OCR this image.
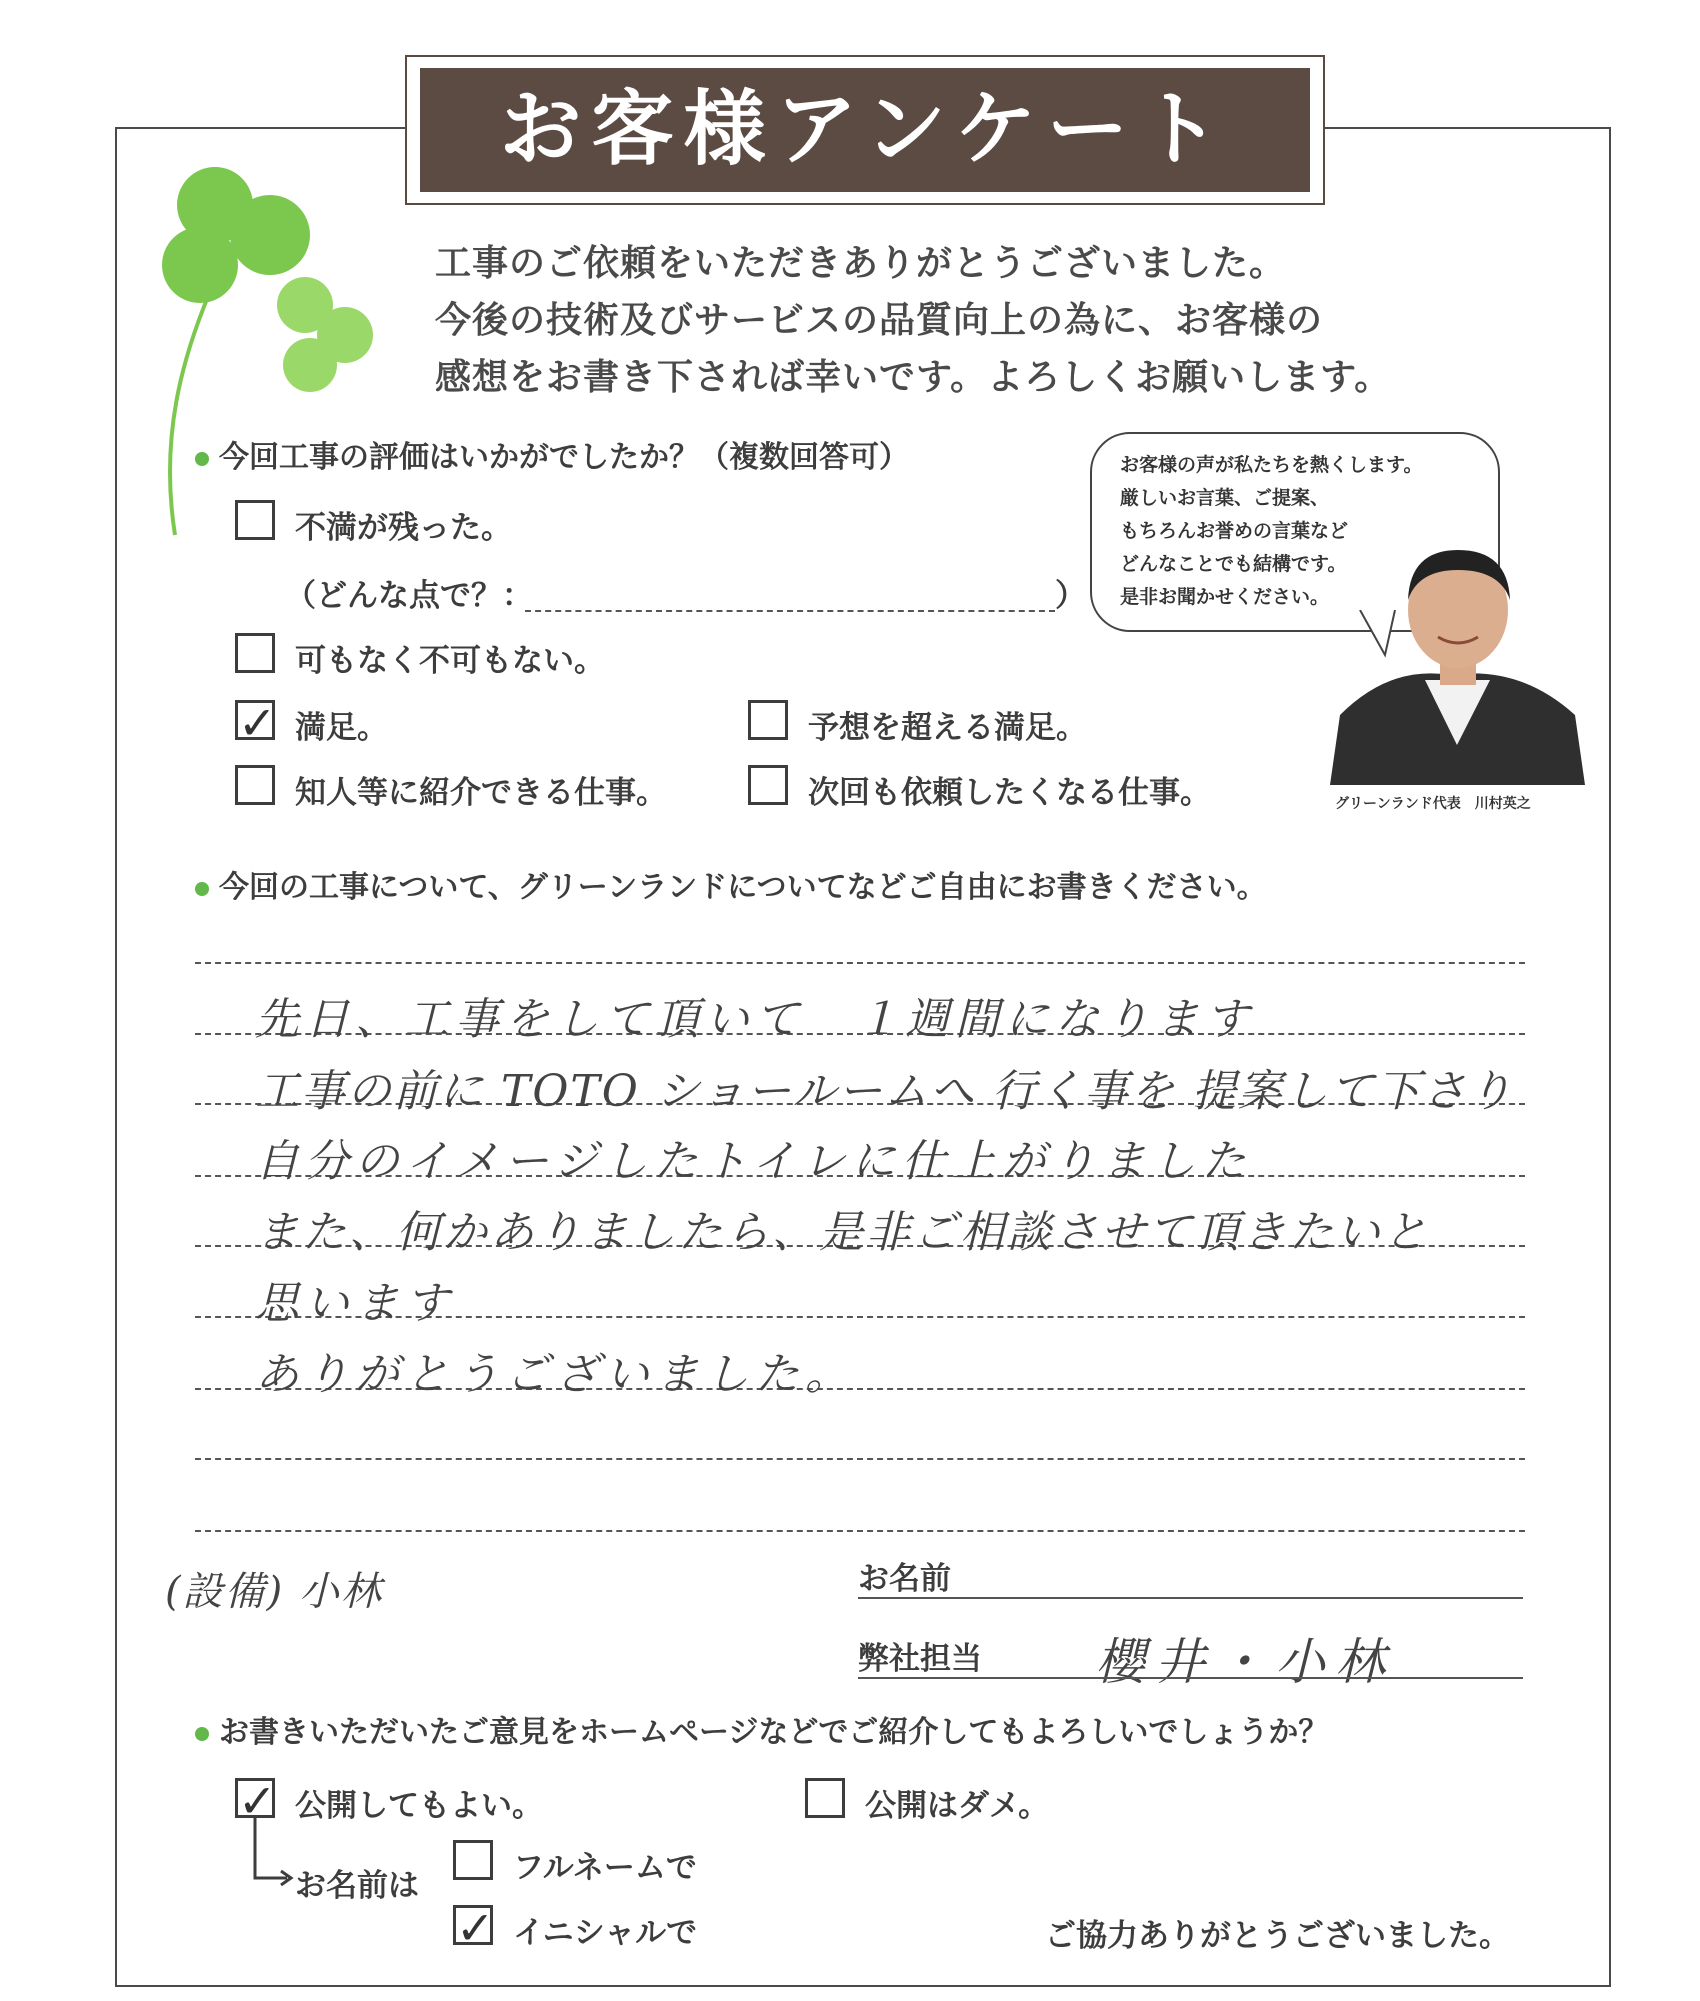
お客様アンケート
工事のご依頼をいただきありがとうございました。
今後の技術及びサービスの品質向上の為に、お客様の
感想をお書き下されば幸いです。よろしくお願いします。
今回工事の評価はいかがでしたか？（複数回答可）
不満が残った。
（どんな点で？：	）
可もなく不可もない。
✓ 満足。	予想を超える満足。
知人等に紹介できる仕事。	次回も依頼したくなる仕事。
お客様の声が私たちを熱くします。
厳しいお言葉、ご提案、
もちろんお誉めの言葉など
どんなことでも結構です。
是非お聞かせください。
グリーンランド代表　川村英之
今回の工事について、グリーンランドについてなどご自由にお書きください。
先日、工事をして頂いて　１週間になります
工事の前に TOTO ショールームへ 行く事を 提案して下さり
自分のイメージしたトイレに仕上がりました
また、何かありましたら、是非ご相談させて頂きたいと
思います
ありがとうございました。
(設備) 小林	お名前
弊社担当 櫻井・小林
お書きいただいたご意見をホームページなどでご紹介してもよろしいでしょうか？
✓ 公開してもよい。	公開はダメ。
お名前は	フルネームで
✓ イニシャルで	ご協力ありがとうございました。
